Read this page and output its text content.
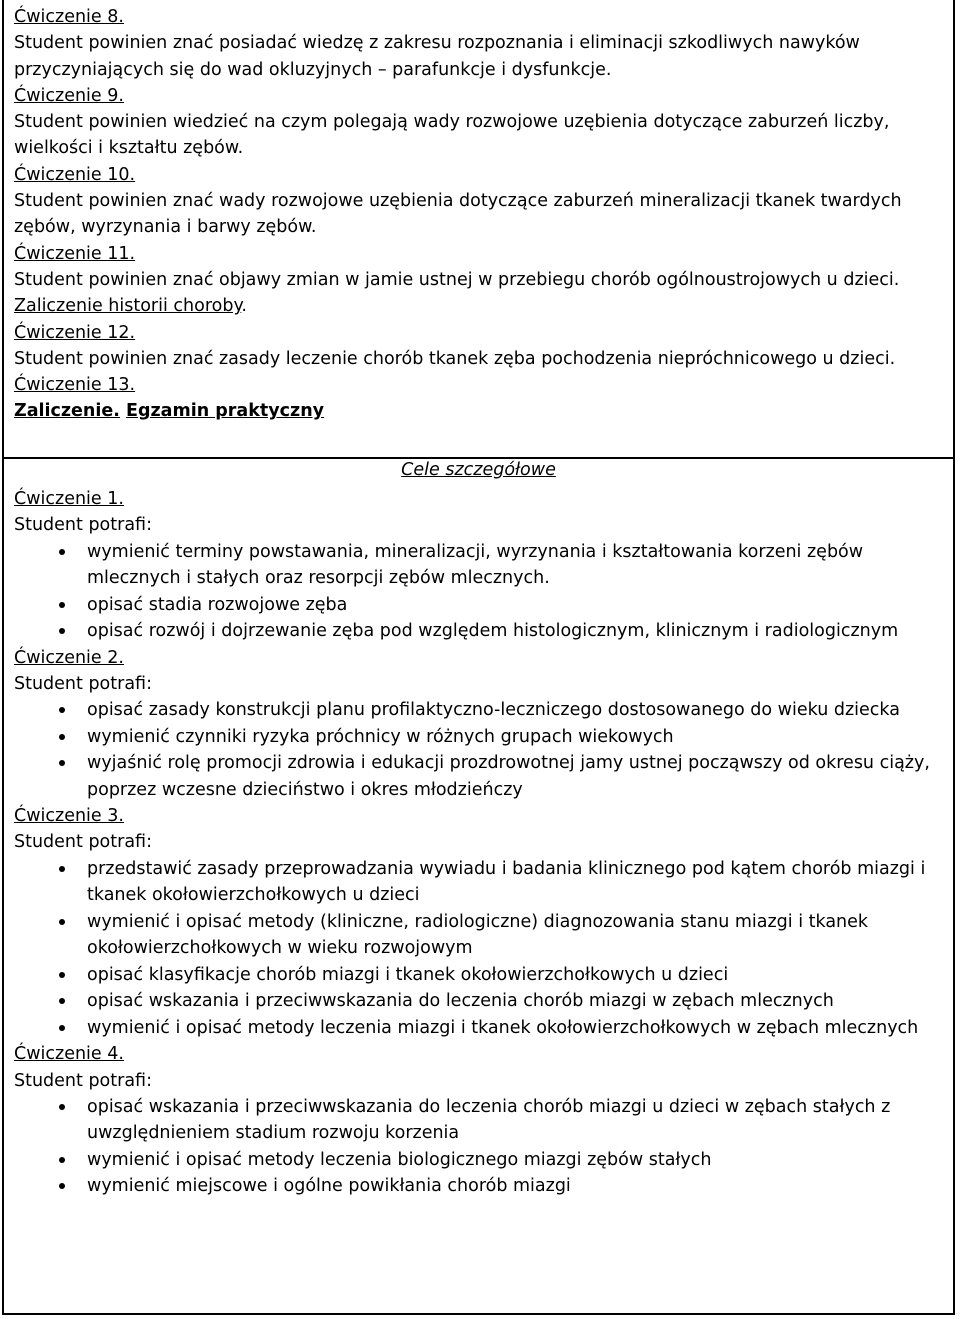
Ćwiczenie 8.

Student powinien znać posiadać wiedzę z zakresu rozpoznania i eliminacji szkodliwych nawyków przyczyniających się do wad okluzyjnych – parafunkcje i dysfunkcje.

Ćwiczenie 9.

Student powinien wiedzieć na czym polegają wady rozwojowe uzębienia dotyczące zaburzeń liczby, wielkości i kształtu zębów.

Ćwiczenie 10.

Student powinien znać wady rozwojowe uzębienia dotyczące zaburzeń mineralizacji tkanek twardych zębów, wyrzynania i barwy zębów.

Ćwiczenie 11.

Student powinien znać objawy zmian w jamie ustnej w przebiegu chorób ogólnoustrojowych u dzieci. Zaliczenie historii choroby.

Ćwiczenie 12.

Student powinien znać zasady leczenie chorób tkanek zęba pochodzenia niepróchnicowego u dzieci.

Ćwiczenie 13.

Zaliczenie. Egzamin praktyczny

Cele szczegółowe

Ćwiczenie 1.

Student potrafi:

wymienić terminy powstawania, mineralizacji, wyrzynania i kształtowania korzeni zębów mlecznych i stałych oraz resorpcji zębów mlecznych.
opisać stadia rozwojowe zęba
opisać rozwój i dojrzewanie zęba pod względem histologicznym, klinicznym i radiologicznym

Ćwiczenie 2.

Student potrafi:

opisać zasady konstrukcji planu profilaktyczno-leczniczego dostosowanego do wieku dziecka
wymienić czynniki ryzyka próchnicy w różnych grupach wiekowych
wyjaśnić rolę promocji zdrowia i edukacji prozdrowotnej jamy ustnej począwszy od okresu ciąży, poprzez wczesne dzieciństwo i okres młodzieńczy

Ćwiczenie 3.

Student potrafi:

przedstawić zasady przeprowadzania wywiadu i badania klinicznego pod kątem chorób miazgi i tkanek okołowierzchołkowych u dzieci
wymienić i opisać metody (kliniczne, radiologiczne) diagnozowania stanu miazgi i tkanek okołowierzchołkowych w wieku rozwojowym
opisać klasyfikacje chorób miazgi i tkanek okołowierzchołkowych u dzieci
opisać wskazania i przeciwwskazania do leczenia chorób miazgi w zębach mlecznych
wymienić i opisać metody leczenia miazgi i tkanek okołowierzchołkowych w zębach mlecznych

Ćwiczenie 4.

Student potrafi:

opisać wskazania i przeciwwskazania do leczenia chorób miazgi u dzieci w zębach stałych z uwzględnieniem stadium rozwoju korzenia
wymienić i opisać metody leczenia biologicznego miazgi zębów stałych
wymienić miejscowe i ogólne powikłania chorób miazgi
